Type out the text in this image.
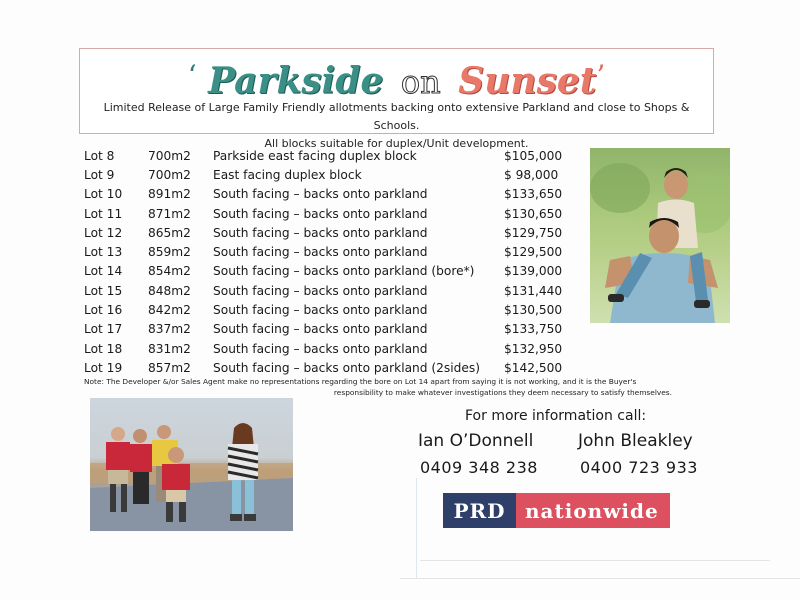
‘ Parkside on Sunset’
Limited Release of Large Family Friendly allotments backing onto extensive Parkland and close to Shops & Schools.
All blocks suitable for duplex/Unit development.
Lot 8	700m2	Parkside east facing duplex block	$105,000
Lot 9	700m2	East facing duplex block	$ 98,000
Lot 10	891m2	South facing – backs onto parkland	$133,650
Lot 11	871m2	South facing – backs onto parkland	$130,650
Lot 12	865m2	South facing – backs onto parkland	$129,750
Lot 13	859m2	South facing – backs onto parkland	$129,500
Lot 14	854m2	South facing – backs onto parkland (bore*)	$139,000
Lot 15	848m2	South facing – backs onto parkland	$131,440
Lot 16	842m2	South facing – backs onto parkland	$130,500
Lot 17	837m2	South facing – backs onto parkland	$133,750
Lot 18	831m2	South facing – backs onto parkland	$132,950
Lot 19	857m2	South facing – backs onto parkland (2sides)	$142,500
Note: The Developer &/or Sales Agent make no representations regarding the bore on Lot 14 apart from saying it is not working, and it is the Buyer's
responsibility to make whatever investigations they deem necessary to satisfy themselves.
For more information call:
Ian O’Donnell	John Bleakley
0409 348 238	0400 723 933
PRD nationwide
